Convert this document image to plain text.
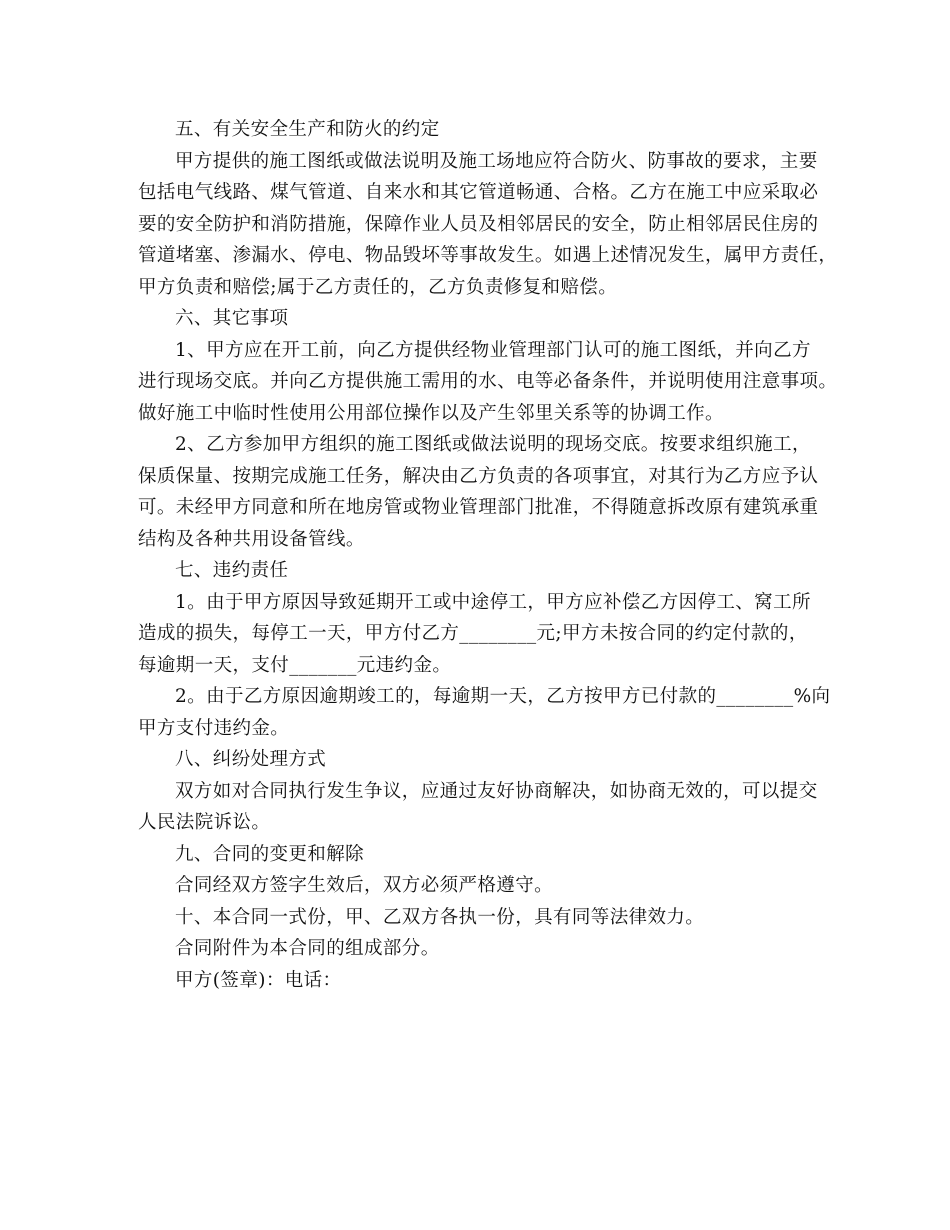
五、有关安全生产和防火的约定

甲方提供的施工图纸或做法说明及施工场地应符合防火、防事故的要求，主要

包括电气线路、煤气管道、自来水和其它管道畅通、合格。乙方在施工中应采取必

要的安全防护和消防措施，保障作业人员及相邻居民的安全，防止相邻居民住房的

管道堵塞、渗漏水、停电、物品毁坏等事故发生。如遇上述情况发生，属甲方责任，

甲方负责和赔偿;属于乙方责任的，乙方负责修复和赔偿。

六、其它事项

1、甲方应在开工前，向乙方提供经物业管理部门认可的施工图纸，并向乙方

进行现场交底。并向乙方提供施工需用的水、电等必备条件，并说明使用注意事项。

做好施工中临时性使用公用部位操作以及产生邻里关系等的协调工作。

2、乙方参加甲方组织的施工图纸或做法说明的现场交底。按要求组织施工，

保质保量、按期完成施工任务，解决由乙方负责的各项事宜，对其行为乙方应予认

可。未经甲方同意和所在地房管或物业管理部门批准，不得随意拆改原有建筑承重

结构及各种共用设备管线。

七、违约责任

1。由于甲方原因导致延期开工或中途停工，甲方应补偿乙方因停工、窝工所

造成的损失，每停工一天，甲方付乙方________元;甲方未按合同的约定付款的，

每逾期一天，支付_______元违约金。

2。由于乙方原因逾期竣工的，每逾期一天，乙方按甲方已付款的________%向

甲方支付违约金。

八、纠纷处理方式

双方如对合同执行发生争议，应通过友好协商解决，如协商无效的，可以提交

人民法院诉讼。

九、合同的变更和解除

合同经双方签字生效后，双方必须严格遵守。

十、本合同一式份，甲、乙双方各执一份，具有同等法律效力。

合同附件为本合同的组成部分。

甲方(签章)：电话：
